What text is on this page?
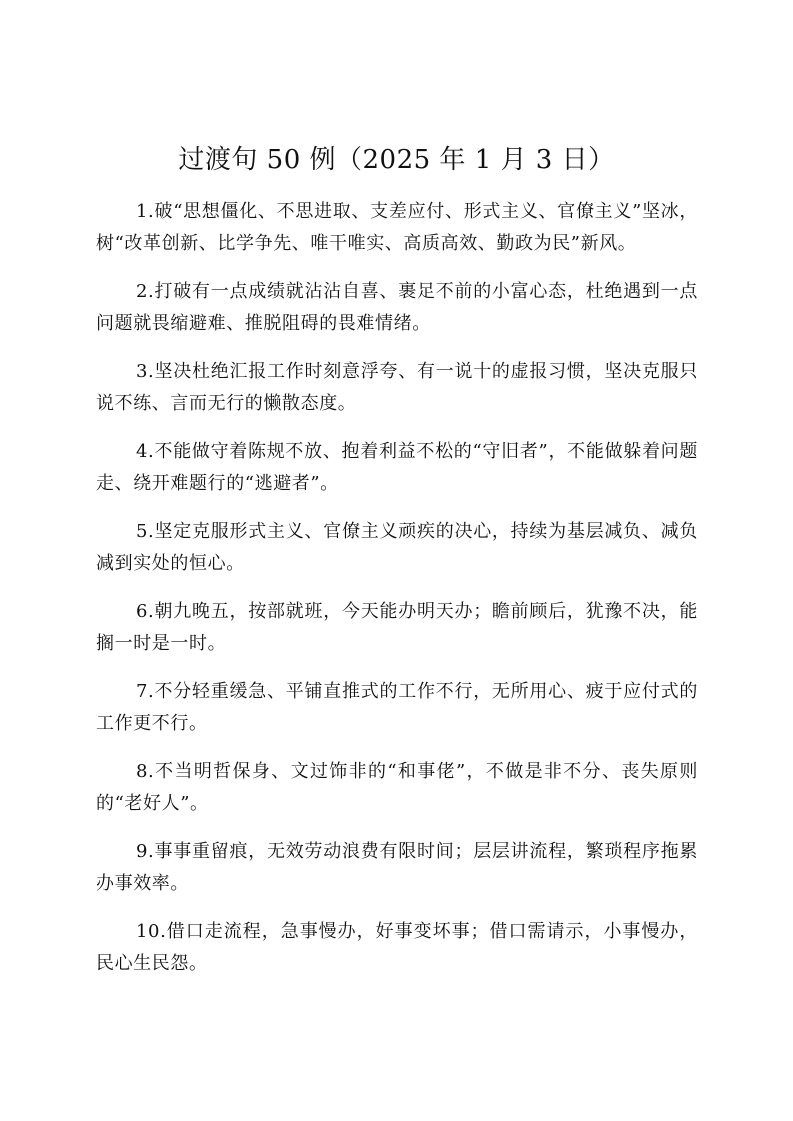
过渡句 50 例（2025 年 1 月 3 日）

1.破“思想僵化、不思进取、支差应付、形式主义、官僚主义”坚冰，树“改革创新、比学争先、唯干唯实、高质高效、勤政为民”新风。

2.打破有一点成绩就沾沾自喜、裹足不前的小富心态，杜绝遇到一点问题就畏缩避难、推脱阻碍的畏难情绪。

3.坚决杜绝汇报工作时刻意浮夸、有一说十的虚报习惯，坚决克服只说不练、言而无行的懒散态度。

4.不能做守着陈规不放、抱着利益不松的“守旧者”，不能做躲着问题走、绕开难题行的“逃避者”。

5.坚定克服形式主义、官僚主义顽疾的决心，持续为基层减负、减负减到实处的恒心。

6.朝九晚五，按部就班，今天能办明天办；瞻前顾后，犹豫不决，能搁一时是一时。

7.不分轻重缓急、平铺直推式的工作不行，无所用心、疲于应付式的工作更不行。

8.不当明哲保身、文过饰非的“和事佬”，不做是非不分、丧失原则的“老好人”。

9.事事重留痕，无效劳动浪费有限时间；层层讲流程，繁琐程序拖累办事效率。

10.借口走流程，急事慢办，好事变坏事；借口需请示，小事慢办，民心生民怨。
